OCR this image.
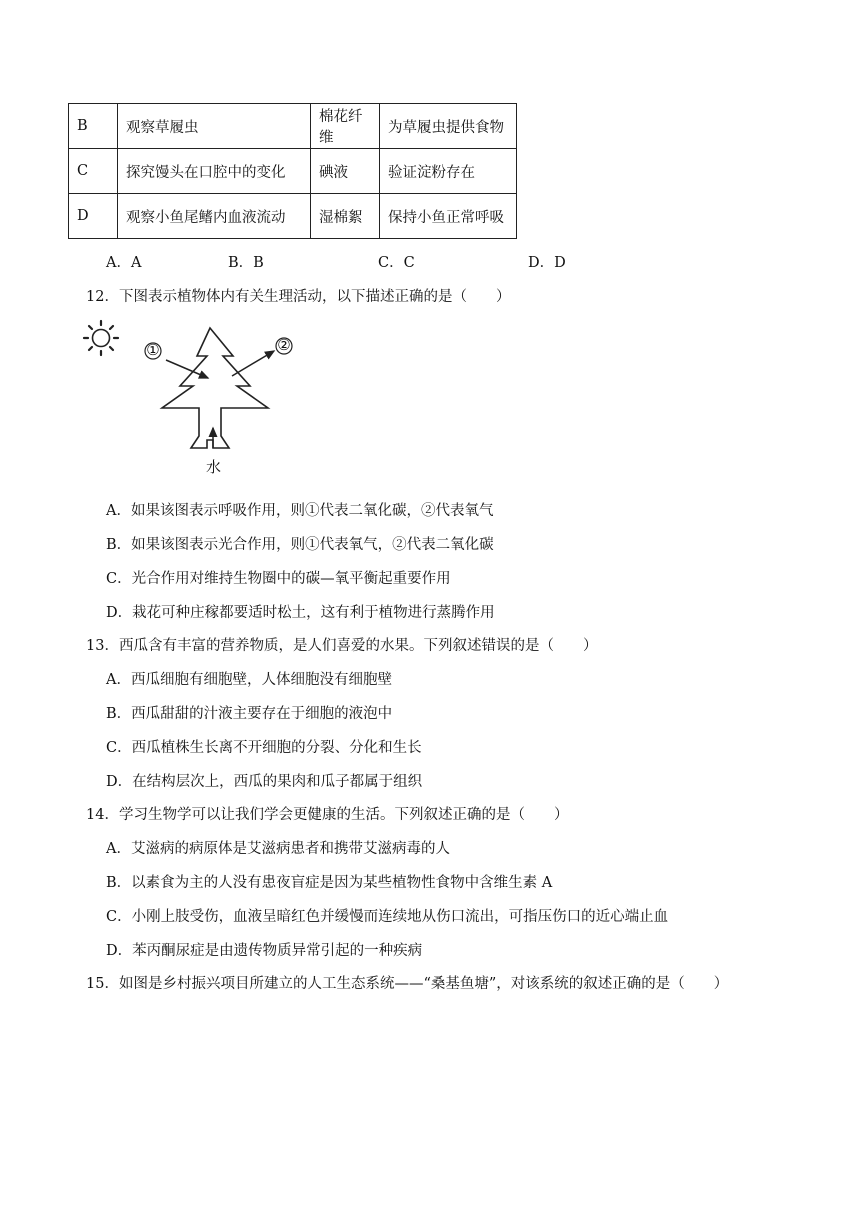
B	观察草履虫	棉花纤维	为草履虫提供食物
C	探究馒头在口腔中的变化	碘液	验证淀粉存在
D	观察小鱼尾鳍内血液流动	湿棉絮	保持小鱼正常呼吸
A．A	B．B	C．C	D．D
12．下图表示植物体内有关生理活动，以下描述正确的是（　　）
①	②
水
A．如果该图表示呼吸作用，则①代表二氧化碳，②代表氧气
B．如果该图表示光合作用，则①代表氧气，②代表二氧化碳
C．光合作用对维持生物圈中的碳—氧平衡起重要作用
D．栽花可种庄稼都要适时松土，这有利于植物进行蒸腾作用
13．西瓜含有丰富的营养物质，是人们喜爱的水果。下列叙述错误的是（　　）
A．西瓜细胞有细胞壁，人体细胞没有细胞壁
B．西瓜甜甜的汁液主要存在于细胞的液泡中
C．西瓜植株生长离不开细胞的分裂、分化和生长
D．在结构层次上，西瓜的果肉和瓜子都属于组织
14．学习生物学可以让我们学会更健康的生活。下列叙述正确的是（　　）
A．艾滋病的病原体是艾滋病患者和携带艾滋病毒的人
B．以素食为主的人没有患夜盲症是因为某些植物性食物中含维生素 A
C．小刚上肢受伤，血液呈暗红色并缓慢而连续地从伤口流出，可指压伤口的近心端止血
D．苯丙酮尿症是由遗传物质异常引起的一种疾病
15．如图是乡村振兴项目所建立的人工生态系统——“桑基鱼塘”，对该系统的叙述正确的是（　　）
